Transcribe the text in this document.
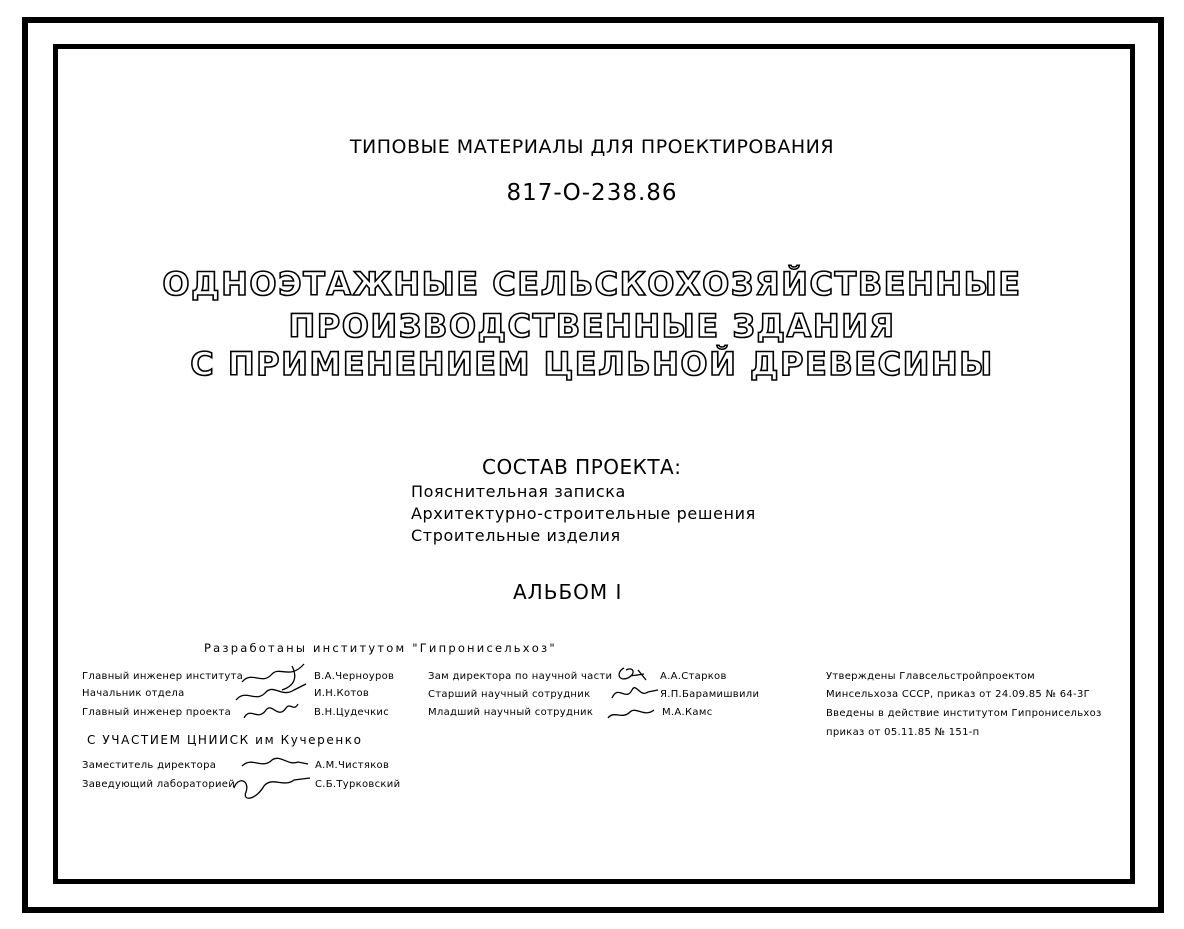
ТИПОВЫЕ МАТЕРИАЛЫ ДЛЯ ПРОЕКТИРОВАНИЯ
817-О-238.86
ОДНОЭТАЖНЫЕ СЕЛЬСКОХОЗЯЙСТВЕННЫЕ
ПРОИЗВОДСТВЕННЫЕ ЗДАНИЯ
С ПРИМЕНЕНИЕМ ЦЕЛЬНОЙ ДРЕВЕСИНЫ
СОСТАВ ПРОЕКТА:
Пояснительная записка
Архитектурно-строительные решения
Строительные изделия
АЛЬБОМ I
Разработаны институтом "Гипронисельхоз"
Главный инженер института	В.А.Черноyров
Начальник отдела	И.Н.Котов
Главный инженер проекта	В.Н.Цудечкис
С УЧАСТИЕМ ЦНИИСК им Кучеренко
Заместитель директора	А.М.Чистяков
Заведующий лабораторией	С.Б.Турковский
Зам директора по научной части	А.А.Старков
Старший научный сотрудник	Я.П.Барамишвили
Младший научный сотрудник	М.А.Камс
Утверждены Главсельстройпроектом
Минсельхоза СССР, приказ от 24.09.85 № 64-3Г
Введены в действие институтом Гипронисельхоз
приказ от 05.11.85 № 151-п
